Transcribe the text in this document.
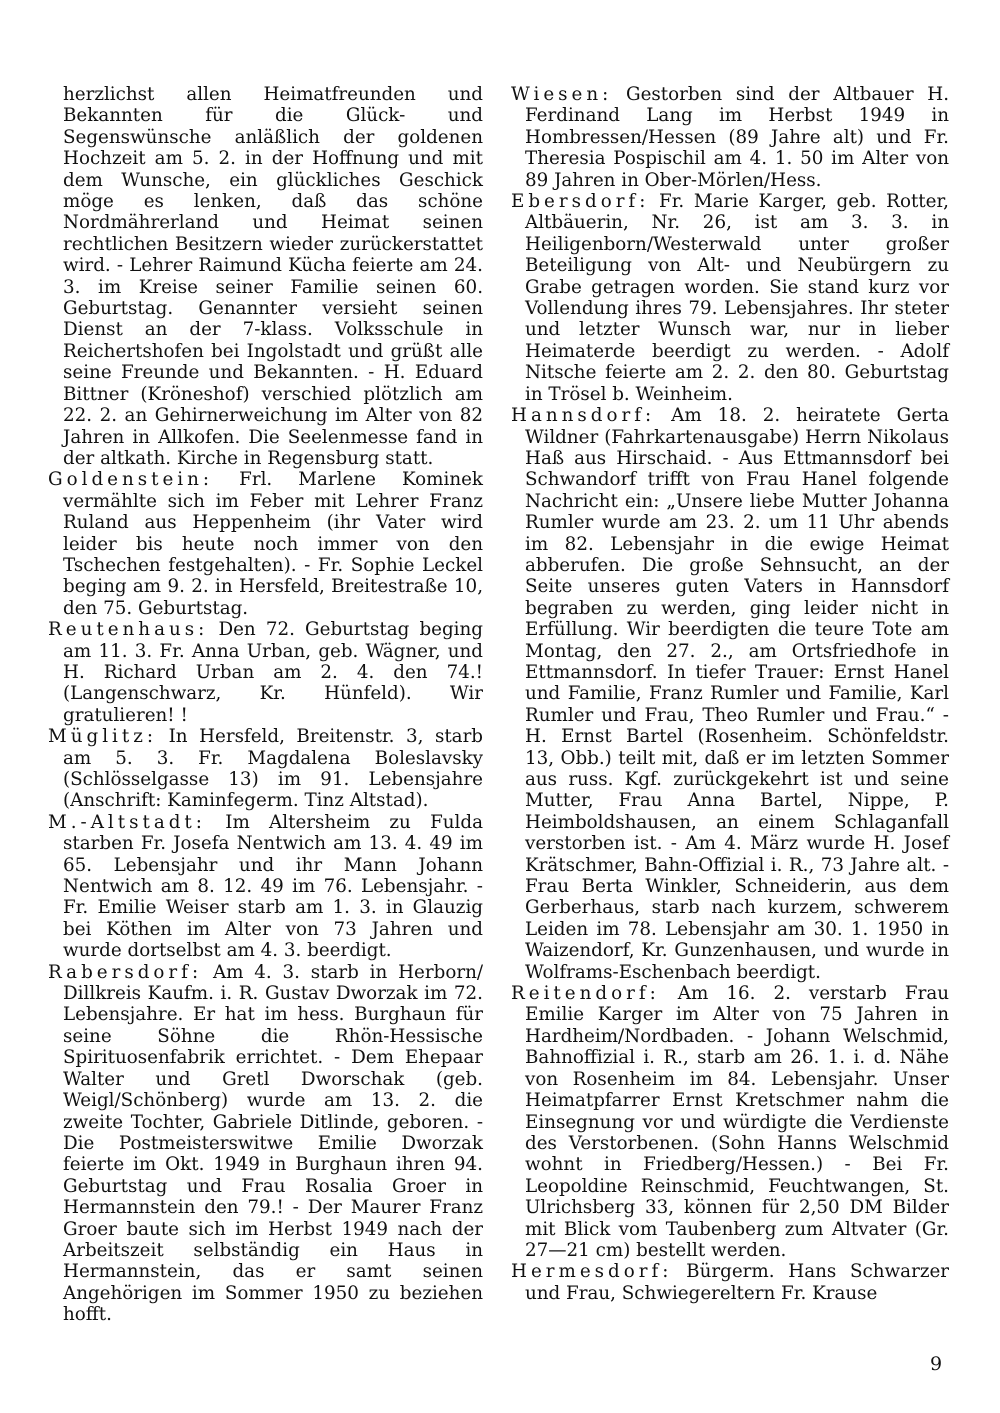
herzlichst allen Heimatfreunden und Bekannten für die Glück- und Segenswünsche anläßlich der goldenen Hochzeit am 5. 2. in der Hoffnung und mit dem Wunsche, ein glückliches Geschick möge es lenken, daß das schöne Nordmährerland und Heimat seinen rechtlichen Besitzern wieder zurückerstattet wird. - Lehrer Raimund Kücha feierte am 24. 3. im Kreise seiner Familie seinen 60. Geburtstag. Genannter versieht seinen Dienst an der 7-klass. Volksschule in Reichertshofen bei Ingolstadt und grüßt alle seine Freunde und Bekannten. - H. Eduard Bittner (Kröneshof) verschied plötzlich am 22. 2. an Gehirnerweichung im Alter von 82 Jahren in Allkofen. Die Seelenmesse fand in der altkath. Kirche in Regensburg statt.

Goldenstein: Frl. Marlene Kominek vermählte sich im Feber mit Lehrer Franz Ruland aus Heppenheim (ihr Vater wird leider bis heute noch immer von den Tschechen festgehalten). - Fr. Sophie Leckel beging am 9. 2. in Hersfeld, Breitestraße 10, den 75. Geburtstag.

Reutenhaus: Den 72. Geburtstag beging am 11. 3. Fr. Anna Urban, geb. Wägner, und H. Richard Urban am 2. 4. den 74.! (Langenschwarz, Kr. Hünfeld). Wir gratulieren! !

Müglitz: In Hersfeld, Breitenstr. 3, starb am 5. 3. Fr. Magdalena Boleslavsky (Schlösselgasse 13) im 91. Lebensjahre (Anschrift: Kaminfegerm. Tinz Altstad).

M.-Altstadt: Im Altersheim zu Fulda starben Fr. Josefa Nentwich am 13. 4. 49 im 65. Lebensjahr und ihr Mann Johann Nentwich am 8. 12. 49 im 76. Lebensjahr. - Fr. Emilie Weiser starb am 1. 3. in Glauzig bei Köthen im Alter von 73 Jahren und wurde dortselbst am 4. 3. beerdigt.

Rabersdorf: Am 4. 3. starb in Herborn/ Dillkreis Kaufm. i. R. Gustav Dworzak im 72. Lebensjahre. Er hat im hess. Burghaun für seine Söhne die Rhön-Hessische Spirituosenfabrik errichtet. - Dem Ehepaar Walter und Gretl Dworschak (geb. Weigl/Schönberg) wurde am 13. 2. die zweite Tochter, Gabriele Ditlinde, geboren. - Die Postmeisterswitwe Emilie Dworzak feierte im Okt. 1949 in Burghaun ihren 94. Geburtstag und Frau Rosalia Groer in Hermannstein den 79.! - Der Maurer Franz Groer baute sich im Herbst 1949 nach der Arbeitszeit selbständig ein Haus in Hermannstein, das er samt seinen Angehörigen im Sommer 1950 zu beziehen hofft.

Wiesen: Gestorben sind der Altbauer H. Ferdinand Lang im Herbst 1949 in Hombressen/Hessen (89 Jahre alt) und Fr. Theresia Pospischil am 4. 1. 50 im Alter von 89 Jahren in Ober-Mörlen/Hess.

Ebersdorf: Fr. Marie Karger, geb. Rotter, Altbäuerin, Nr. 26, ist am 3. 3. in Heiligenborn/Westerwald unter großer Beteiligung von Alt- und Neubürgern zu Grabe getragen worden. Sie stand kurz vor Vollendung ihres 79. Lebensjahres. Ihr steter und letzter Wunsch war, nur in lieber Heimaterde beerdigt zu werden. - Adolf Nitsche feierte am 2. 2. den 80. Geburtstag in Trösel b. Weinheim.

Hannsdorf: Am 18. 2. heiratete Gerta Wildner (Fahrkartenausgabe) Herrn Nikolaus Haß aus Hirschaid. - Aus Ettmannsdorf bei Schwandorf trifft von Frau Hanel folgende Nachricht ein: „Unsere liebe Mutter Johanna Rumler wurde am 23. 2. um 11 Uhr abends im 82. Lebensjahr in die ewige Heimat abberufen. Die große Sehnsucht, an der Seite unseres guten Vaters in Hannsdorf begraben zu werden, ging leider nicht in Erfüllung. Wir beerdigten die teure Tote am Montag, den 27. 2., am Ortsfriedhofe in Ettmannsdorf. In tiefer Trauer: Ernst Hanel und Familie, Franz Rumler und Familie, Karl Rumler und Frau, Theo Rumler und Frau.“ - H. Ernst Bartel (Rosenheim. Schönfeldstr. 13, Obb.) teilt mit, daß er im letzten Sommer aus russ. Kgf. zurückgekehrt ist und seine Mutter, Frau Anna Bartel, Nippe, P. Heimboldshausen, an einem Schlaganfall verstorben ist. - Am 4. März wurde H. Josef Krätschmer, Bahn-Offizial i. R., 73 Jahre alt. - Frau Berta Winkler, Schneiderin, aus dem Gerberhaus, starb nach kurzem, schwerem Leiden im 78. Lebensjahr am 30. 1. 1950 in Waizendorf, Kr. Gunzenhausen, und wurde in Wolframs-Eschenbach beerdigt.

Reitendorf: Am 16. 2. verstarb Frau Emilie Karger im Alter von 75 Jahren in Hardheim/Nordbaden. - Johann Welschmid, Bahnoffizial i. R., starb am 26. 1. i. d. Nähe von Rosenheim im 84. Lebensjahr. Unser Heimatpfarrer Ernst Kretschmer nahm die Einsegnung vor und würdigte die Verdienste des Verstorbenen. (Sohn Hanns Welschmid wohnt in Friedberg/Hessen.) - Bei Fr. Leopoldine Reinschmid, Feuchtwangen, St. Ulrichsberg 33, können für 2,50 DM Bilder mit Blick vom Taubenberg zum Altvater (Gr. 27—21 cm) bestellt werden.

Hermesdorf: Bürgerm. Hans Schwarzer und Frau, Schwiegereltern Fr. Krause

9
